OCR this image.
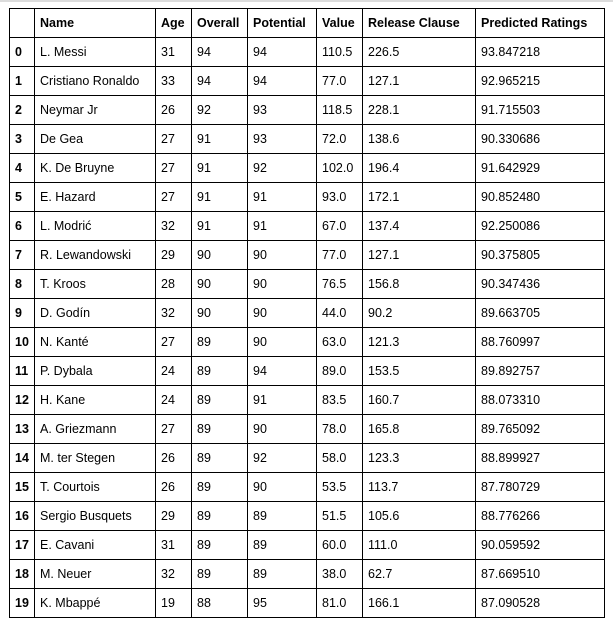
	Name	Age	Overall	Potential	Value	Release Clause	Predicted Ratings
0	L. Messi	31	94	94	110.5	226.5	93.847218
1	Cristiano Ronaldo	33	94	94	77.0	127.1	92.965215
2	Neymar Jr	26	92	93	118.5	228.1	91.715503
3	De Gea	27	91	93	72.0	138.6	90.330686
4	K. De Bruyne	27	91	92	102.0	196.4	91.642929
5	E. Hazard	27	91	91	93.0	172.1	90.852480
6	L. Modrić	32	91	91	67.0	137.4	92.250086
7	R. Lewandowski	29	90	90	77.0	127.1	90.375805
8	T. Kroos	28	90	90	76.5	156.8	90.347436
9	D. Godín	32	90	90	44.0	90.2	89.663705
10	N. Kanté	27	89	90	63.0	121.3	88.760997
11	P. Dybala	24	89	94	89.0	153.5	89.892757
12	H. Kane	24	89	91	83.5	160.7	88.073310
13	A. Griezmann	27	89	90	78.0	165.8	89.765092
14	M. ter Stegen	26	89	92	58.0	123.3	88.899927
15	T. Courtois	26	89	90	53.5	113.7	87.780729
16	Sergio Busquets	29	89	89	51.5	105.6	88.776266
17	E. Cavani	31	89	89	60.0	111.0	90.059592
18	M. Neuer	32	89	89	38.0	62.7	87.669510
19	K. Mbappé	19	88	95	81.0	166.1	87.090528
